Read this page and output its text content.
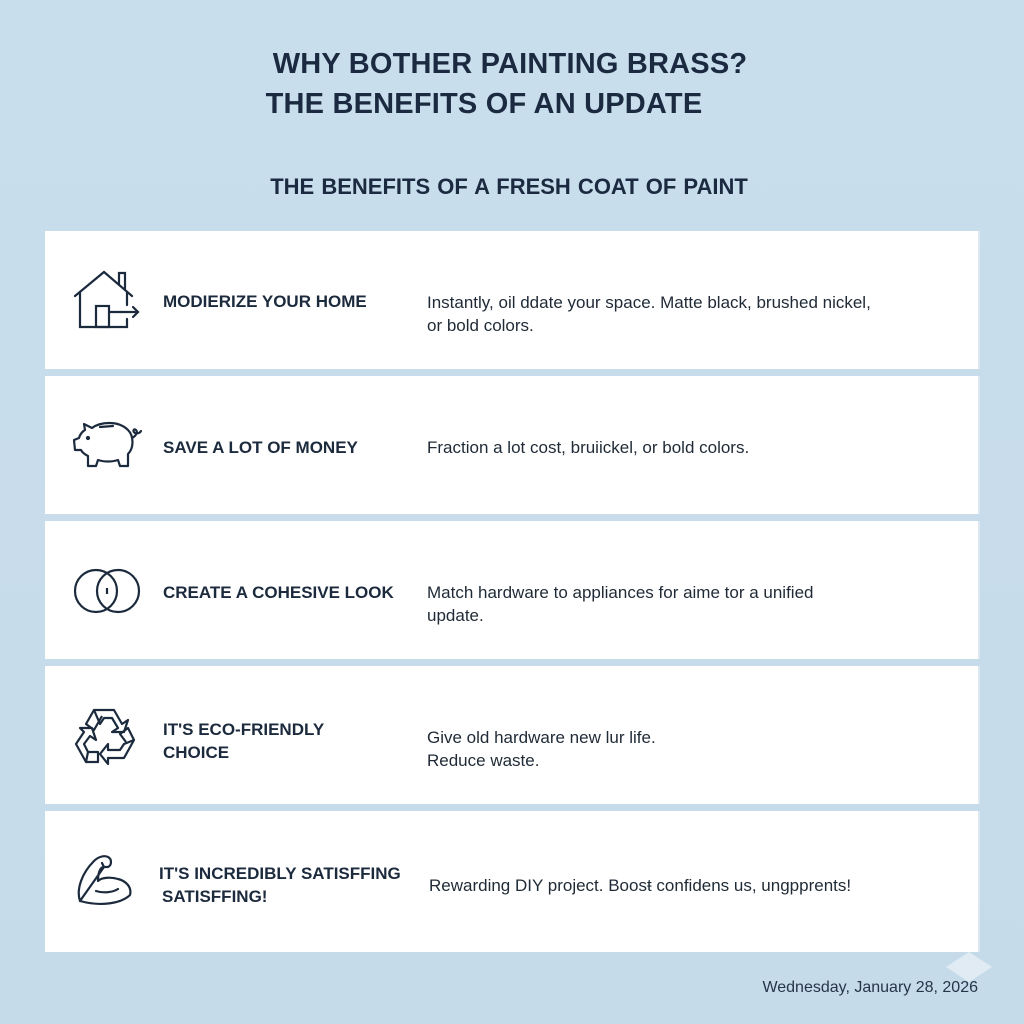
WHY BOTHER PAINTING BRASS?
THE BENEFITS OF AN UPDATE
THE BENEFITS OF A FRESH COAT OF PAINT
MODIERIZE YOUR HOME	Instantly, oil ddate your space. Matte black, brushed nickel,
or bold colors.
SAVE A LOT OF MONEY	Fraction a lot cost, bruiickel, or bold colors.
CREATE A COHESIVE LOOK Match hardware to appliances for aime tor a unified
update.
IT'S ECO-FRIENDLY
CHOICE
Give old hardware new lur life.
Reduce waste.
IT'S INCREDIBLY SATISFFING
SATISFFING!
Rewarding DIY project. Boosŧ confidens us, ungpprents!
Wednesday, January 28, 2026
